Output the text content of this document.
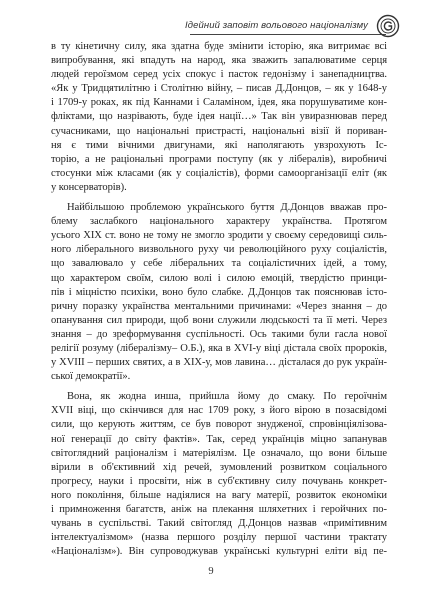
Ідейний заповіт вольового націоналізму
в ту кінетичну силу, яка здатна буде змінити історію, яка витримає всі
випробування, які впадуть на народ, яка зважить запалюватиме серця
людей героїзмом серед усіх спокус і пасток гедонізму і занепадництва.
«Як у Тридцятилітню і Столітню війну, – писав Д.Донцов, – як у 1648-у
і 1709-у роках, як під Каннами і Саламіном, ідея, яка порушуватиме кон-
фліктами, що назрівають, буде ідея нації…» Так він увиразнював перед
сучасниками, що національні пристрасті, національні візії й пориван-
ня є тими вічними двигунами, які наполягають увзрохують Іс-
торію, а не раціональні програми поступу (як у лібералів), виробничі
стосунки між класами (як у соціалістів), форми самоорганізації еліт (як
у консерваторів).
Найбільшою проблемою українського буття Д.Донцов вважав про-
блему заслабкого національного характеру українства. Протягом
усього XIX ст. воно не тому не змогло зродити у своєму середовищі силь-
ного ліберального визвольного руху чи революційного руху соціалістів,
що завалювало у себе ліберальних та соціалістичних ідей, а тому,
що характером своїм, силою волі і силою емоцій, твердістю принци-
пів і міцністю психіки, воно було слабке. Д.Донцов так пояснював істо-
ричну поразку українства ментальними причинами: «Через знання – до
опанування сил природи, щоб вони служили людськості та її меті. Через
знання – до зреформування суспільності. Ось такими були гасла нової
релігії розуму (лібералізму– О.Б.), яка в XVI-у віці дістала своїх пророків,
у XVIII – перших святих, а в XIX-у, мов лавина… дісталася до рук україн-
ської демократії».
Вона, як жодна инша, прийшла йому до смаку. По героїчнім
XVII віці, що скінчився для нас 1709 року, з його вірою в позасвідомі
сили, що керують життям, се був поворот знудженої, спровінціялізова-
ної генерації до світу фактів». Так, серед українців міцно запанував
світоглядний раціоналізм і матеріялізм. Це означало, що вони більше
вірили в об'єктивний хід речей, зумовлений розвитком соціального
прогресу, науки і просвіти, ніж в суб'єктивну силу почувань конкрет-
ного покоління, більше надіялися на вагу матерії, розвиток економіки
і примноження багатств, аніж на плекання шляхетних і геройчних по-
чувань в суспільстві. Такий світогляд Д.Донцов назвав «примітивним
інтелектуалізмом» (назва першого розділу першої частини трактату
«Націоналізм»). Він супроводжував українські культурні еліти від пе-
9
